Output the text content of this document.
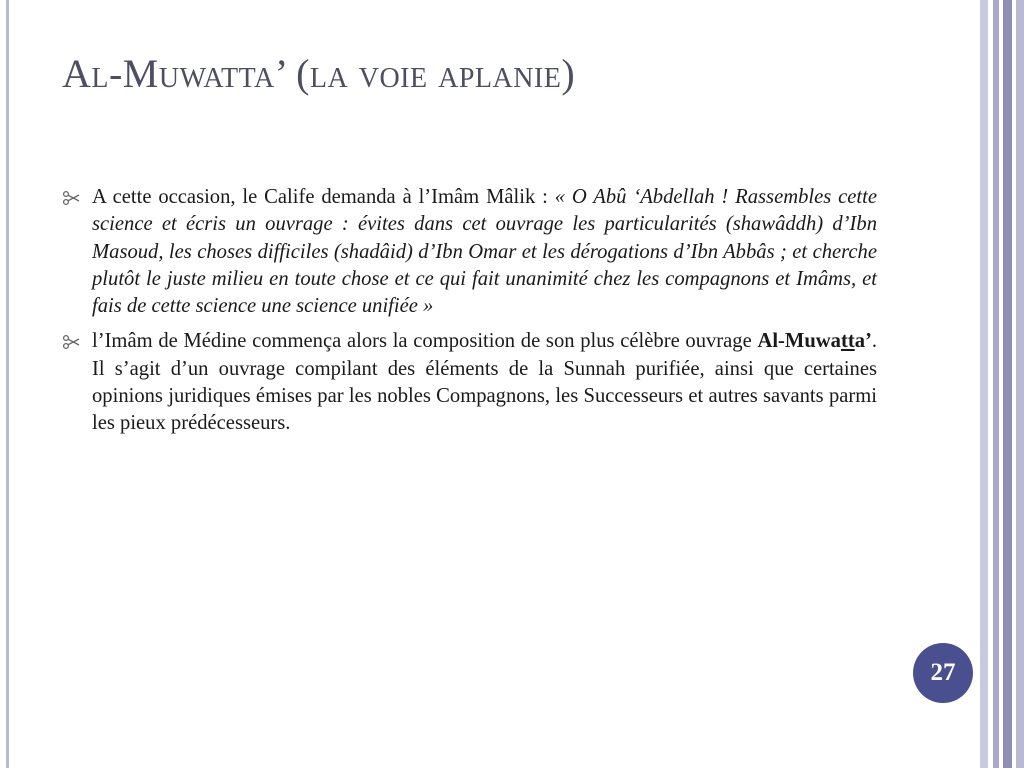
Al-Muwatta’ (la voie aplanie)

A cette occasion, le Calife demanda à l’Imâm Mâlik : « O Abû ‘Abdellah ! Rassembles cette science et écris un ouvrage : évites dans cet ouvrage les particularités (shawâddh) d’Ibn Masoud, les choses difficiles (shadâid) d’Ibn Omar et les dérogations d’Ibn Abbâs ; et cherche plutôt le juste milieu en toute chose et ce qui fait unanimité chez les compagnons et Imâms, et fais de cette science une science unifiée »

l’Imâm de Médine commença alors la composition de son plus célèbre ouvrage Al-Muwatta’. Il s’agit d’un ouvrage compilant des éléments de la Sunnah purifiée, ainsi que certaines opinions juridiques émises par les nobles Compagnons, les Successeurs et autres savants parmi les pieux prédécesseurs.

27
